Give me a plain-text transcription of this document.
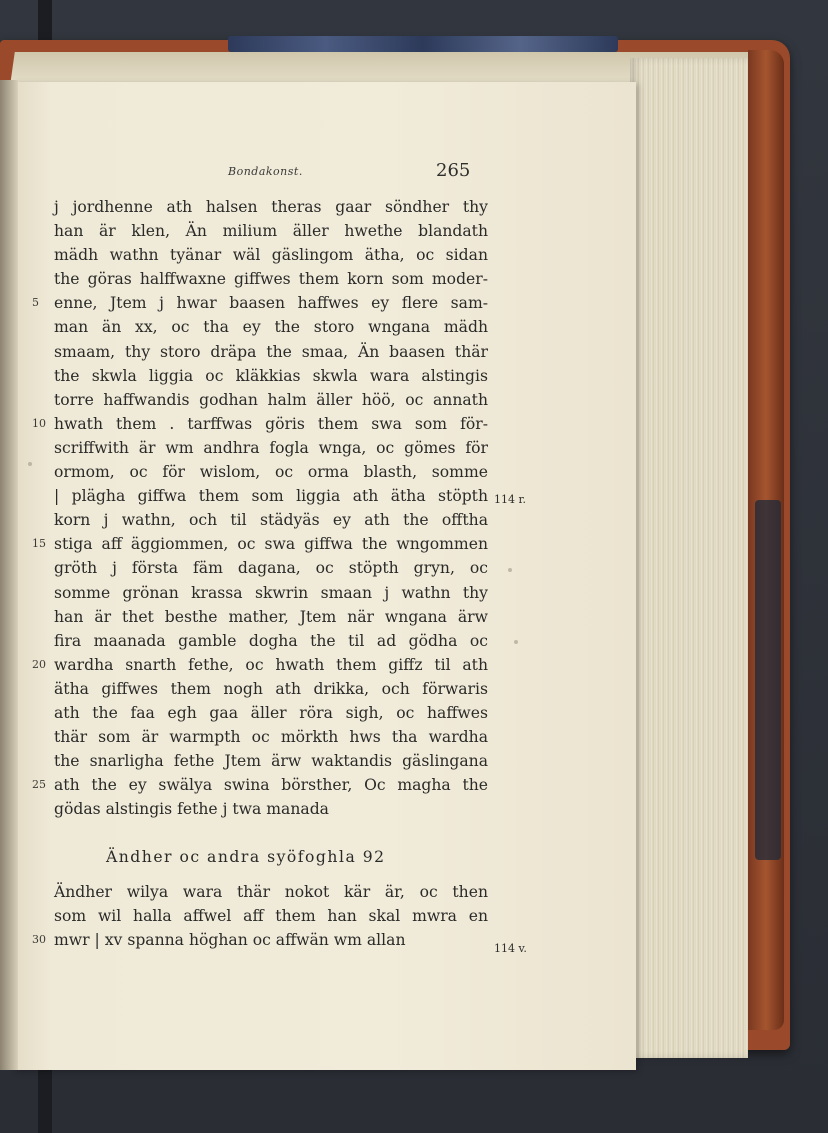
Bondakonst.	265
j jordhenne ath halsen theras gaar söndher thy
han är klen, Än milium äller hwethe blandath
mädh wathn tyänar wäl gäslingom ätha, oc sidan
the göras halffwaxne giffwes them korn som moder-
5 enne, Jtem j hwar baasen haffwes ey flere sam-
man än xx, oc tha ey the storo wngana mädh
smaam, thy storo dräpa the smaa, Än baasen thär
the skwla liggia oc kläkkias skwla wara alstingis
torre haffwandis godhan halm äller höö, oc annath
10 hwath them . tarffwas göris them swa som för-
scriffwith är wm andhra fogla wnga, oc gömes för
ormom, oc för wislom, oc orma blasth, somme
| plägha giffwa them som liggia ath ätha stöpth
korn j wathn, och til städyäs ey ath the offtha
15 stiga aff äggiommen, oc swa giffwa the wngommen
gröth j första fäm dagana, oc stöpth gryn, oc
somme grönan krassa skwrin smaan j wathn thy
han är thet besthe mather, Jtem när wngana ärw
fira maanada gamble dogha the til ad gödha oc
20 wardha snarth fethe, oc hwath them giffz til ath
ätha giffwes them nogh ath drikka, och förwaris
ath the faa egh gaa äller röra sigh, oc haffwes
thär som är warmpth oc mörkth hws tha wardha
the snarligha fethe Jtem ärw waktandis gäslingana
25 ath the ey swälya swina börsther, Oc magha the
gödas alstingis fethe j twa manada
Ändher oc andra syöfoghla 92
Ändher wilya wara thär nokot kär är, oc then
som wil halla affwel aff them han skal mwra en
30 mwr | xv spanna höghan oc affwän wm allan
114 r.
114 v.
